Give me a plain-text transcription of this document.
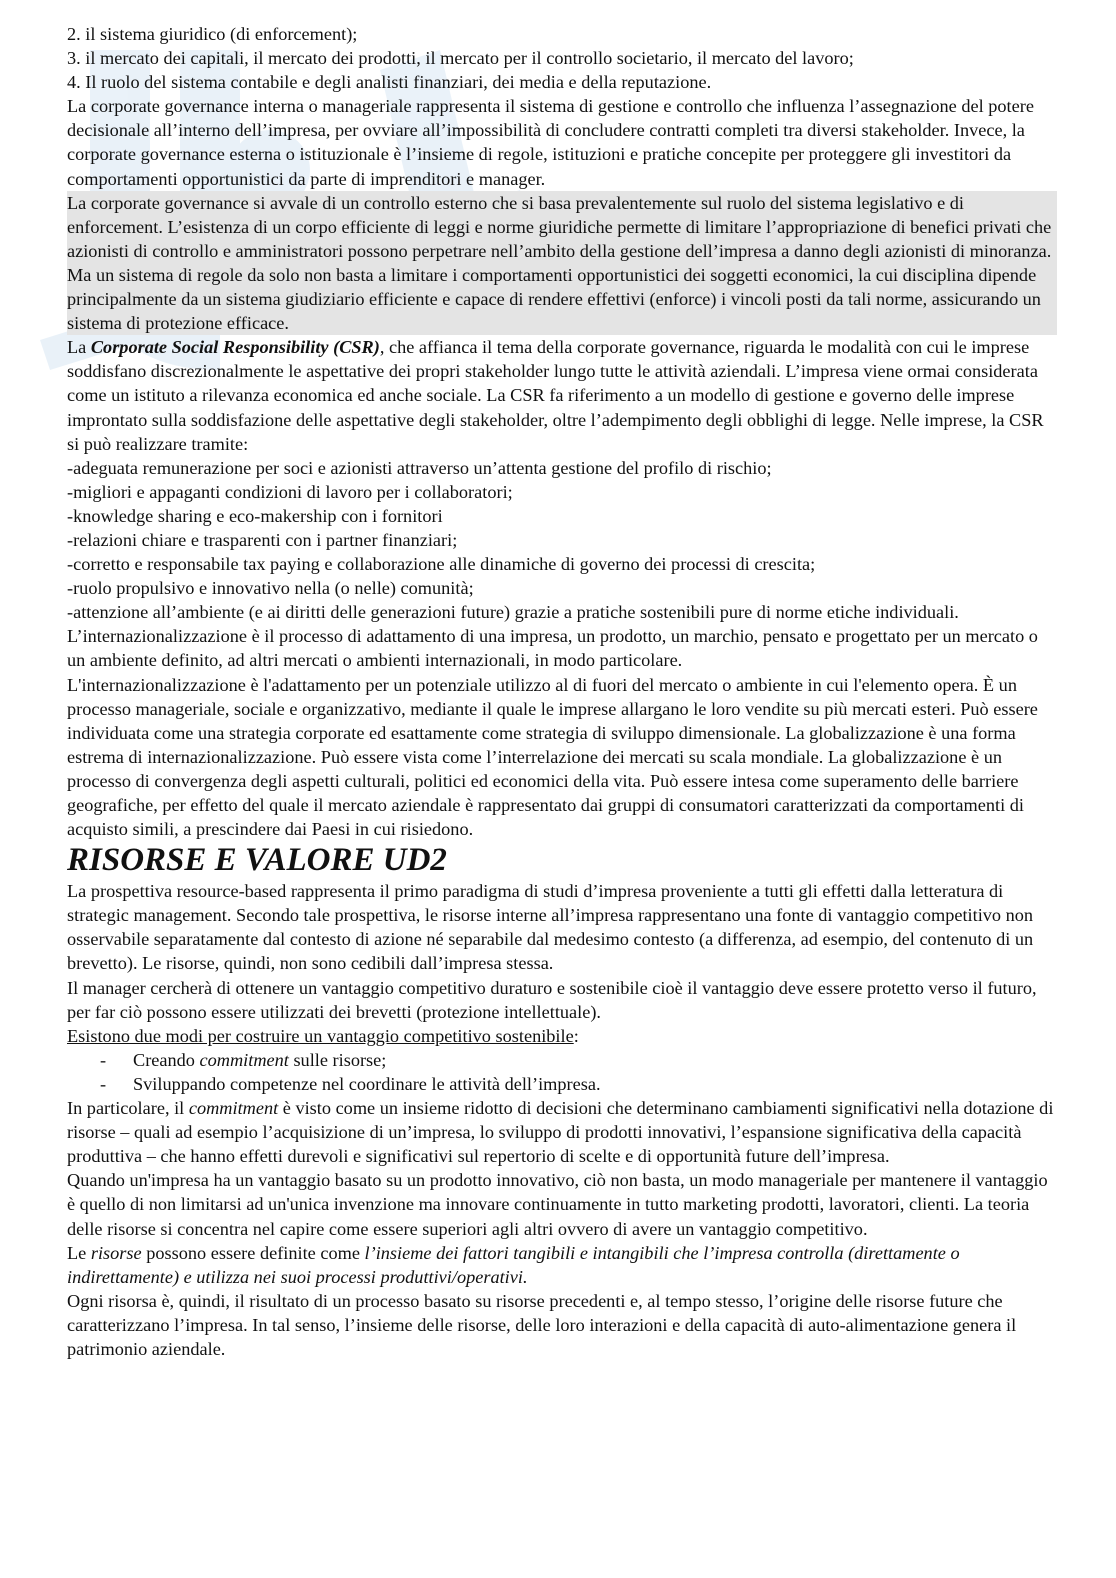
2. il sistema giuridico (di enforcement);

3. il mercato dei capitali, il mercato dei prodotti, il mercato per il controllo societario, il mercato del lavoro;

4. Il ruolo del sistema contabile e degli analisti finanziari, dei media e della reputazione.

La corporate governance interna o manageriale rappresenta il sistema di gestione e controllo che influenza l’assegnazione del potere decisionale all’interno dell’impresa, per ovviare all’impossibilità di concludere contratti completi tra diversi stakeholder. Invece, la corporate governance esterna o istituzionale è l’insieme di regole, istituzioni e pratiche concepite per proteggere gli investitori da comportamenti opportunistici da parte di imprenditori e manager.

La corporate governance si avvale di un controllo esterno che si basa prevalentemente sul ruolo del sistema legislativo e di enforcement. L’esistenza di un corpo efficiente di leggi e norme giuridiche permette di limitare l’appropriazione di benefici privati che azionisti di controllo e amministratori possono perpetrare nell’ambito della gestione dell’impresa a danno degli azionisti di minoranza. Ma un sistema di regole da solo non basta a limitare i comportamenti opportunistici dei soggetti economici, la cui disciplina dipende principalmente da un sistema giudiziario efficiente e capace di rendere effettivi (enforce) i vincoli posti da tali norme, assicurando un sistema di protezione efficace.

La Corporate Social Responsibility (CSR), che affianca il tema della corporate governance, riguarda le modalità con cui le imprese soddisfano discrezionalmente le aspettative dei propri stakeholder lungo tutte le attività aziendali. L’impresa viene ormai considerata come un istituto a rilevanza economica ed anche sociale. La CSR fa riferimento a un modello di gestione e governo delle imprese improntato sulla soddisfazione delle aspettative degli stakeholder, oltre l’adempimento degli obblighi di legge. Nelle imprese, la CSR si può realizzare tramite:

-adeguata remunerazione per soci e azionisti attraverso un’attenta gestione del profilo di rischio;

-migliori e appaganti condizioni di lavoro per i collaboratori;

-knowledge sharing e eco-makership con i fornitori

-relazioni chiare e trasparenti con i partner finanziari;

-corretto e responsabile tax paying e collaborazione alle dinamiche di governo dei processi di crescita;

-ruolo propulsivo e innovativo nella (o nelle) comunità;

-attenzione all’ambiente (e ai diritti delle generazioni future) grazie a pratiche sostenibili pure di norme etiche individuali.

L’internazionalizzazione è il processo di adattamento di una impresa, un prodotto, un marchio, pensato e progettato per un mercato o un ambiente definito, ad altri mercati o ambienti internazionali, in modo particolare.

L'internazionalizzazione è l'adattamento per un potenziale utilizzo al di fuori del mercato o ambiente in cui l'elemento opera. È un processo manageriale, sociale e organizzativo, mediante il quale le imprese allargano le loro vendite su più mercati esteri. Può essere individuata come una strategia corporate ed esattamente come strategia di sviluppo dimensionale. La globalizzazione è una forma estrema di internazionalizzazione. Può essere vista come l’interrelazione dei mercati su scala mondiale. La globalizzazione è un processo di convergenza degli aspetti culturali, politici ed economici della vita. Può essere intesa come superamento delle barriere geografiche, per effetto del quale il mercato aziendale è rappresentato dai gruppi di consumatori caratterizzati da comportamenti di acquisto simili, a prescindere dai Paesi in cui risiedono.

RISORSE E VALORE UD2

La prospettiva resource-based rappresenta il primo paradigma di studi d’impresa proveniente a tutti gli effetti dalla letteratura di strategic management. Secondo tale prospettiva, le risorse interne all’impresa rappresentano una fonte di vantaggio competitivo non osservabile separatamente dal contesto di azione né separabile dal medesimo contesto (a differenza, ad esempio, del contenuto di un brevetto). Le risorse, quindi, non sono cedibili dall’impresa stessa.

Il manager cercherà di ottenere un vantaggio competitivo duraturo e sostenibile cioè il vantaggio deve essere protetto verso il futuro, per far ciò possono essere utilizzati dei brevetti (protezione intellettuale).

Esistono due modi per costruire un vantaggio competitivo sostenibile:

- Creando commitment sulle risorse;

- Sviluppando competenze nel coordinare le attività dell’impresa.

In particolare, il commitment è visto come un insieme ridotto di decisioni che determinano cambiamenti significativi nella dotazione di risorse – quali ad esempio l’acquisizione di un’impresa, lo sviluppo di prodotti innovativi, l’espansione significativa della capacità produttiva – che hanno effetti durevoli e significativi sul repertorio di scelte e di opportunità future dell’impresa.

Quando un'impresa ha un vantaggio basato su un prodotto innovativo, ciò non basta, un modo manageriale per mantenere il vantaggio è quello di non limitarsi ad un'unica invenzione ma innovare continuamente in tutto marketing prodotti, lavoratori, clienti. La teoria delle risorse si concentra nel capire come essere superiori agli altri ovvero di avere un vantaggio competitivo.

Le risorse possono essere definite come l’insieme dei fattori tangibili e intangibili che l’impresa controlla (direttamente o indirettamente) e utilizza nei suoi processi produttivi/operativi.

Ogni risorsa è, quindi, il risultato di un processo basato su risorse precedenti e, al tempo stesso, l’origine delle risorse future che caratterizzano l’impresa. In tal senso, l’insieme delle risorse, delle loro interazioni e della capacità di auto-alimentazione genera il patrimonio aziendale.
